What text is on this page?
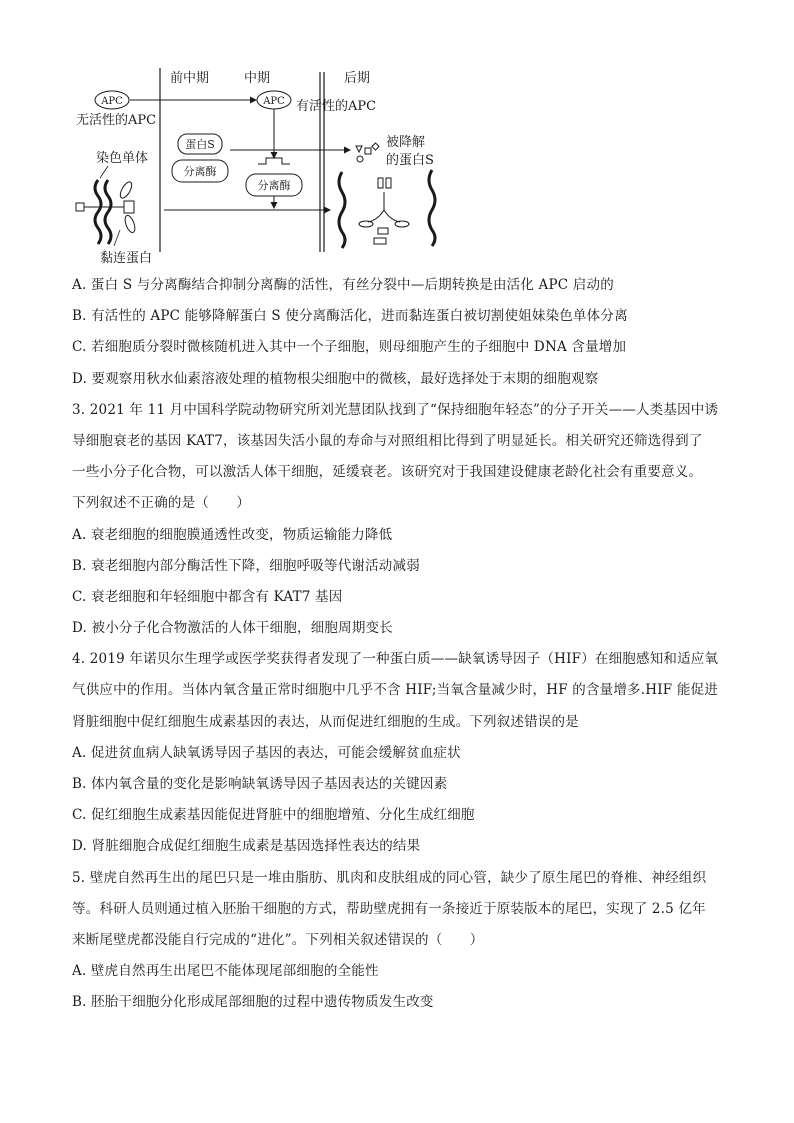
前中期	中期	后期
APC
无活性的APC
APC 有活性的APC
蛋白S
分离酶
分离酶
被降解
的蛋白S
染色单体
黏连蛋白
A. 蛋白 S 与分离酶结合抑制分离酶的活性，有丝分裂中—后期转换是由活化 APC 启动的
B. 有活性的 APC 能够降解蛋白 S 使分离酶活化，进而黏连蛋白被切割使姐妹染色单体分离
C. 若细胞质分裂时微核随机进入其中一个子细胞，则母细胞产生的子细胞中 DNA 含量增加
D. 要观察用秋水仙素溶液处理的植物根尖细胞中的微核，最好选择处于末期的细胞观察
3. 2021 年 11 月中国科学院动物研究所刘光慧团队找到了“保持细胞年轻态”的分子开关——人类基因中诱
导细胞衰老的基因 KAT7，该基因失活小鼠的寿命与对照组相比得到了明显延长。相关研究还筛选得到了
一些小分子化合物，可以激活人体干细胞，延缓衰老。该研究对于我国建设健康老龄化社会有重要意义。
下列叙述不正确的是（　　）
A. 衰老细胞的细胞膜通透性改变，物质运输能力降低
B. 衰老细胞内部分酶活性下降，细胞呼吸等代谢活动减弱
C. 衰老细胞和年轻细胞中都含有 KAT7 基因
D. 被小分子化合物激活的人体干细胞，细胞周期变长
4. 2019 年诺贝尔生理学或医学奖获得者发现了一种蛋白质——缺氧诱导因子（HIF）在细胞感知和适应氧
气供应中的作用。当体内氧含量正常时细胞中几乎不含 HIF;当氧含量减少时，HF 的含量增多.HIF 能促进
肾脏细胞中促红细胞生成素基因的表达，从而促进红细胞的生成。下列叙述错误的是
A. 促进贫血病人缺氧诱导因子基因的表达，可能会缓解贫血症状
B. 体内氧含量的变化是影响缺氧诱导因子基因表达的关键因素
C. 促红细胞生成素基因能促进肾脏中的细胞增殖、分化生成红细胞
D. 肾脏细胞合成促红细胞生成素是基因选择性表达的结果
5. 壁虎自然再生出的尾巴只是一堆由脂肪、肌肉和皮肤组成的同心管，缺少了原生尾巴的脊椎、神经组织
等。科研人员则通过植入胚胎干细胞的方式，帮助壁虎拥有一条接近于原装版本的尾巴，实现了 2.5 亿年
来断尾壁虎都没能自行完成的“进化”。下列相关叙述错误的（　　）
A. 壁虎自然再生出尾巴不能体现尾部细胞的全能性
B. 胚胎干细胞分化形成尾部细胞的过程中遗传物质发生改变
